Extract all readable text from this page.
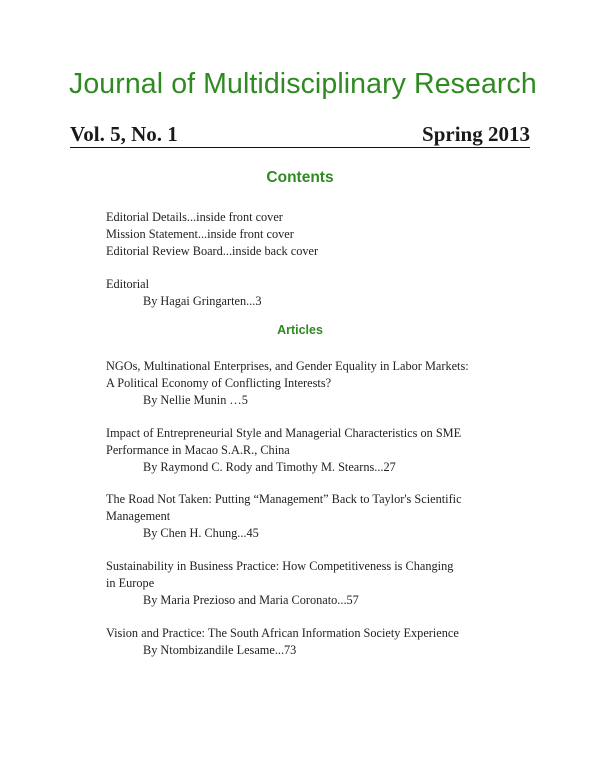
Journal of Multidisciplinary Research
Vol. 5, No. 1	Spring 2013
Contents
Editorial Details...inside front cover
Mission Statement...inside front cover
Editorial Review Board...inside back cover
Editorial
By Hagai Gringarten...3
Articles
NGOs, Multinational Enterprises, and Gender Equality in Labor Markets:
A Political Economy of Conflicting Interests?
By Nellie Munin …5
Impact of Entrepreneurial Style and Managerial Characteristics on SME
Performance in Macao S.A.R., China
By Raymond C. Rody and Timothy M. Stearns...27
The Road Not Taken: Putting “Management” Back to Taylor's Scientific
Management
By Chen H. Chung...45
Sustainability in Business Practice: How Competitiveness is Changing
in Europe
By Maria Prezioso and Maria Coronato...57
Vision and Practice: The South African Information Society Experience
By Ntombizandile Lesame...73
